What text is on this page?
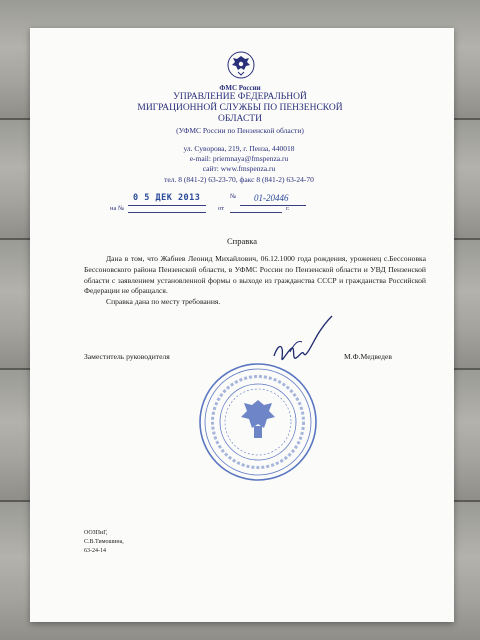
ФМС России
УПРАВЛЕНИЕ ФЕДЕРАЛЬНОЙ
МИГРАЦИОННОЙ СЛУЖБЫ ПО ПЕНЗЕНСКОЙ
ОБЛАСТИ
(УФМС России по Пензенской области)
ул. Суворова, 219, г. Пенза, 440018
e-mail: priemnaya@fmspenza.ru
сайт: www.fmspenza.ru
тел. 8 (841-2) 63-23-70, факс 8 (841-2) 63-24-70
0 5 ДЕК 2013	№ 01-20446
на №	от	г.
Справка

Дана в том, что Жабнев Леонид Михайлович, 06.12.1000 года рождения, уроженец с.Бессоновка Бессоновского района Пензенской области, в УФМС России по Пензенской области и УВД Пензенской области с заявлением установленной формы о выходе из гражданства СССР и гражданства Российской Федерации не обращался.

Справка дана по месту требования.

Заместитель руководителя	М.Ф.Медведев
ООЗПиГ,
С.В.Тимошина,
63-24-14
